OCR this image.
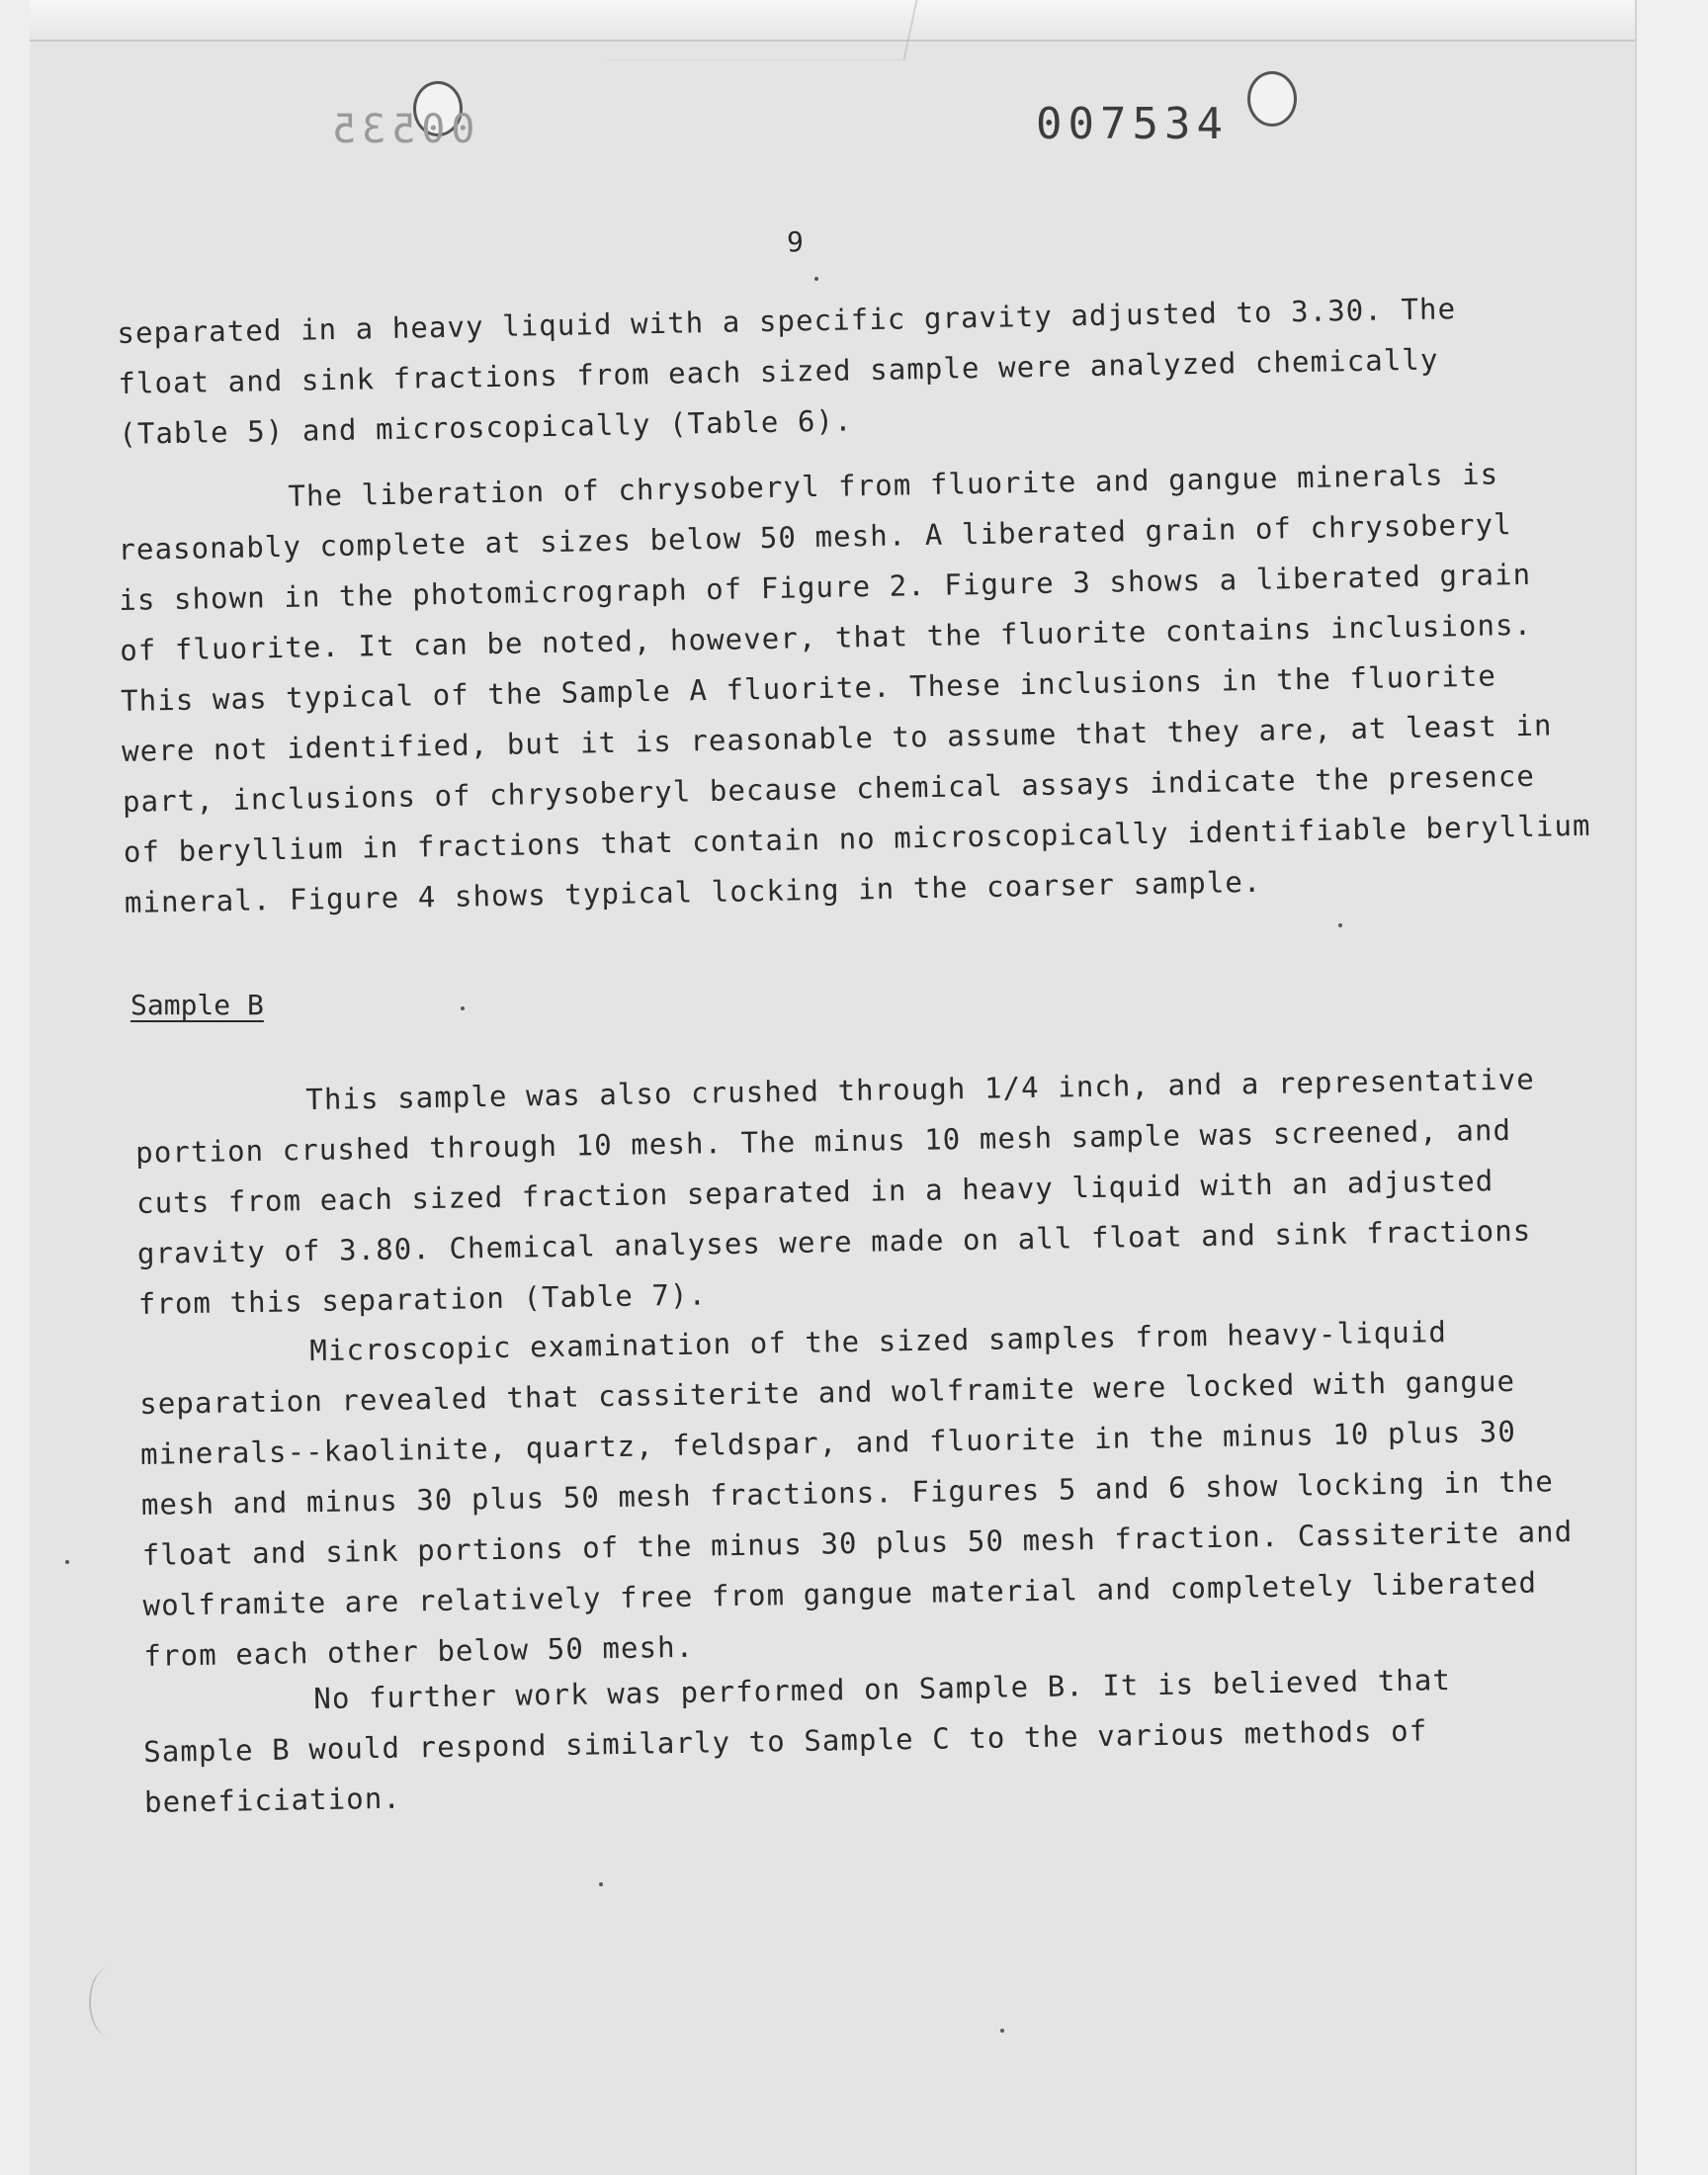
00535	007534
9
separated in a heavy liquid with a specific gravity adjusted to 3.30. The
float and sink fractions from each sized sample were analyzed chemically
(Table 5) and microscopically (Table 6).
The liberation of chrysoberyl from fluorite and gangue minerals is
reasonably complete at sizes below 50 mesh. A liberated grain of chrysoberyl
is shown in the photomicrograph of Figure 2. Figure 3 shows a liberated grain
of fluorite. It can be noted, however, that the fluorite contains inclusions.
This was typical of the Sample A fluorite. These inclusions in the fluorite
were not identified, but it is reasonable to assume that they are, at least in
part, inclusions of chrysoberyl because chemical assays indicate the presence
of beryllium in fractions that contain no microscopically identifiable beryllium
mineral. Figure 4 shows typical locking in the coarser sample.
Sample B
This sample was also crushed through 1/4 inch, and a representative
portion crushed through 10 mesh. The minus 10 mesh sample was screened, and
cuts from each sized fraction separated in a heavy liquid with an adjusted
gravity of 3.80. Chemical analyses were made on all float and sink fractions
from this separation (Table 7).
Microscopic examination of the sized samples from heavy-liquid
separation revealed that cassiterite and wolframite were locked with gangue
minerals--kaolinite, quartz, feldspar, and fluorite in the minus 10 plus 30
mesh and minus 30 plus 50 mesh fractions. Figures 5 and 6 show locking in the
float and sink portions of the minus 30 plus 50 mesh fraction. Cassiterite and
wolframite are relatively free from gangue material and completely liberated
from each other below 50 mesh.
No further work was performed on Sample B. It is believed that
Sample B would respond similarly to Sample C to the various methods of
beneficiation.
